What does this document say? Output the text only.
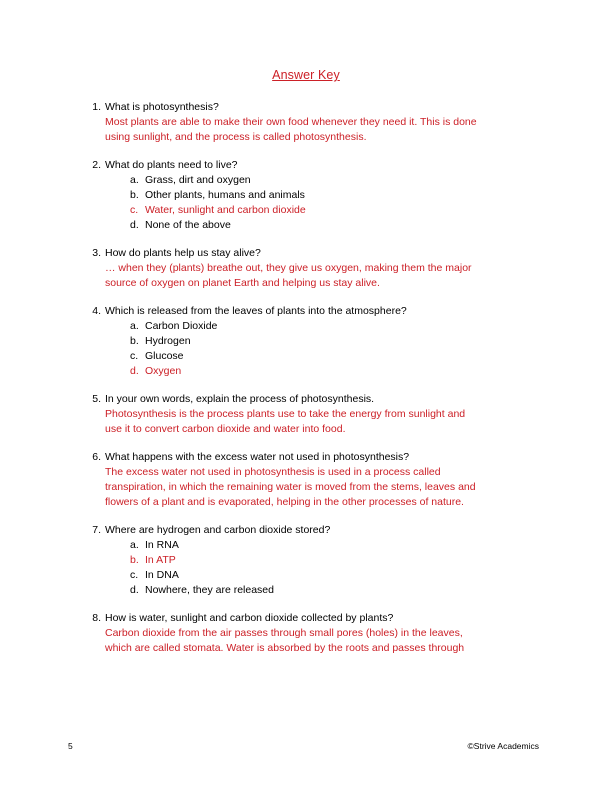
Answer Key
1. What is photosynthesis?
Most plants are able to make their own food whenever they need it. This is done
using sunlight, and the process is called photosynthesis.
2. What do plants need to live?
a. Grass, dirt and oxygen
b. Other plants, humans and animals
c. Water, sunlight and carbon dioxide
d. None of the above
3. How do plants help us stay alive?
… when they (plants) breathe out, they give us oxygen, making them the major
source of oxygen on planet Earth and helping us stay alive.
4. Which is released from the leaves of plants into the atmosphere?
a. Carbon Dioxide
b. Hydrogen
c. Glucose
d. Oxygen
5. In your own words, explain the process of photosynthesis.
Photosynthesis is the process plants use to take the energy from sunlight and
use it to convert carbon dioxide and water into food.
6. What happens with the excess water not used in photosynthesis?
The excess water not used in photosynthesis is used in a process called
transpiration, in which the remaining water is moved from the stems, leaves and
flowers of a plant and is evaporated, helping in the other processes of nature.
7. Where are hydrogen and carbon dioxide stored?
a. In RNA
b. In ATP
c. In DNA
d. Nowhere, they are released
8. How is water, sunlight and carbon dioxide collected by plants?
Carbon dioxide from the air passes through small pores (holes) in the leaves,
which are called stomata. Water is absorbed by the roots and passes through
5	©Strive Academics
